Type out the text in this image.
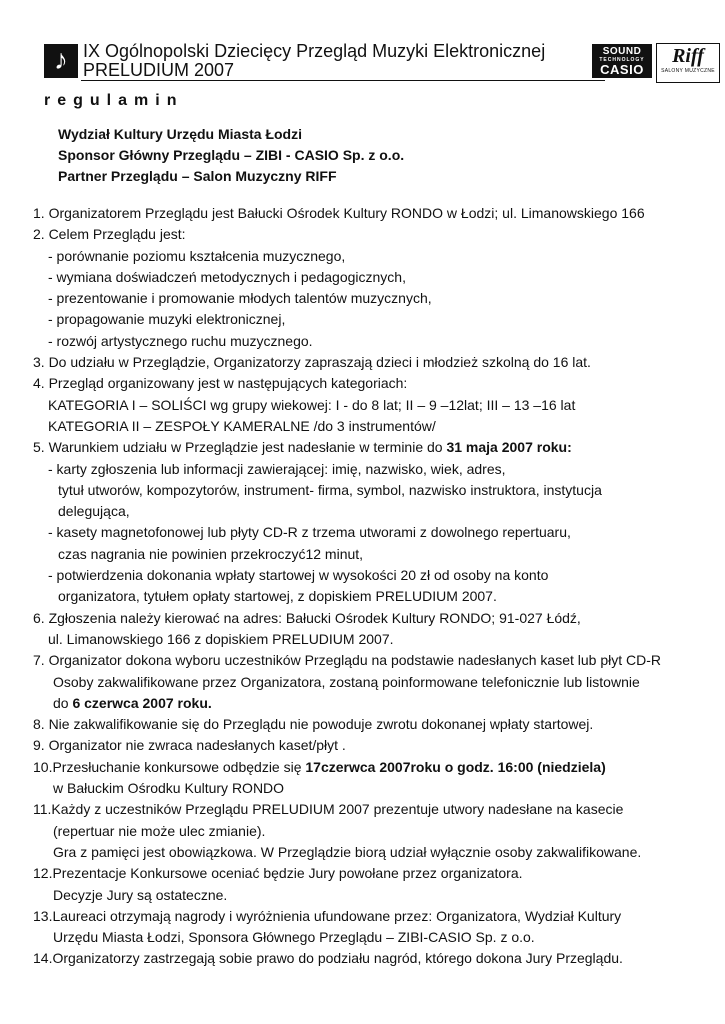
♪ IX Ogólnopolski Dziecięcy Przegląd Muzyki Elektronicznej
PRELUDIUM 2007
SOUND
TECHNOLOGY
CASIO
Riff
SALONY MUZYCZNE
regulamin
Wydział Kultury Urzędu Miasta Łodzi
Sponsor Główny Przeglądu – ZIBI - CASIO Sp. z o.o.
Partner Przeglądu – Salon Muzyczny RIFF
1. Organizatorem Przeglądu jest Bałucki Ośrodek Kultury RONDO w Łodzi; ul. Limanowskiego 166
2. Celem Przeglądu jest:
- porównanie poziomu kształcenia muzycznego,
- wymiana doświadczeń metodycznych i pedagogicznych,
- prezentowanie i promowanie młodych talentów muzycznych,
- propagowanie muzyki elektronicznej,
- rozwój artystycznego ruchu muzycznego.
3. Do udziału w Przeglądzie, Organizatorzy zapraszają dzieci i młodzież szkolną do 16 lat.
4. Przegląd organizowany jest w następujących kategoriach:
KATEGORIA I – SOLIŚCI wg grupy wiekowej: I - do 8 lat; II – 9 –12lat; III – 13 –16 lat
KATEGORIA II – ZESPOŁY KAMERALNE /do 3 instrumentów/
5. Warunkiem udziału w Przeglądzie jest nadesłanie w terminie do 31 maja 2007 roku:
- karty zgłoszenia lub informacji zawierającej: imię, nazwisko, wiek, adres,
tytuł utworów, kompozytorów, instrument- firma, symbol, nazwisko instruktora, instytucja
delegująca,
- kasety magnetofonowej lub płyty CD-R z trzema utworami z dowolnego repertuaru,
czas nagrania nie powinien przekroczyć12 minut,
- potwierdzenia dokonania wpłaty startowej w wysokości 20 zł od osoby na konto
organizatora, tytułem opłaty startowej, z dopiskiem PRELUDIUM 2007.
6. Zgłoszenia należy kierować na adres: Bałucki Ośrodek Kultury RONDO; 91-027 Łódź,
ul. Limanowskiego 166 z dopiskiem PRELUDIUM 2007.
7. Organizator dokona wyboru uczestników Przeglądu na podstawie nadesłanych kaset lub płyt CD-R
Osoby zakwalifikowane przez Organizatora, zostaną poinformowane telefonicznie lub listownie
do 6 czerwca 2007 roku.
8. Nie zakwalifikowanie się do Przeglądu nie powoduje zwrotu dokonanej wpłaty startowej.
9. Organizator nie zwraca nadesłanych kaset/płyt .
10.Przesłuchanie konkursowe odbędzie się 17czerwca 2007roku o godz. 16:00 (niedziela)
w Bałuckim Ośrodku Kultury RONDO
11.Każdy z uczestników Przeglądu PRELUDIUM 2007 prezentuje utwory nadesłane na kasecie
(repertuar nie może ulec zmianie).
Gra z pamięci jest obowiązkowa. W Przeglądzie biorą udział wyłącznie osoby zakwalifikowane.
12.Prezentacje Konkursowe oceniać będzie Jury powołane przez organizatora.
Decyzje Jury są ostateczne.
13.Laureaci otrzymają nagrody i wyróżnienia ufundowane przez: Organizatora, Wydział Kultury
Urzędu Miasta Łodzi, Sponsora Głównego Przeglądu – ZIBI-CASIO Sp. z o.o.
14.Organizatorzy zastrzegają sobie prawo do podziału nagród, którego dokona Jury Przeglądu.
